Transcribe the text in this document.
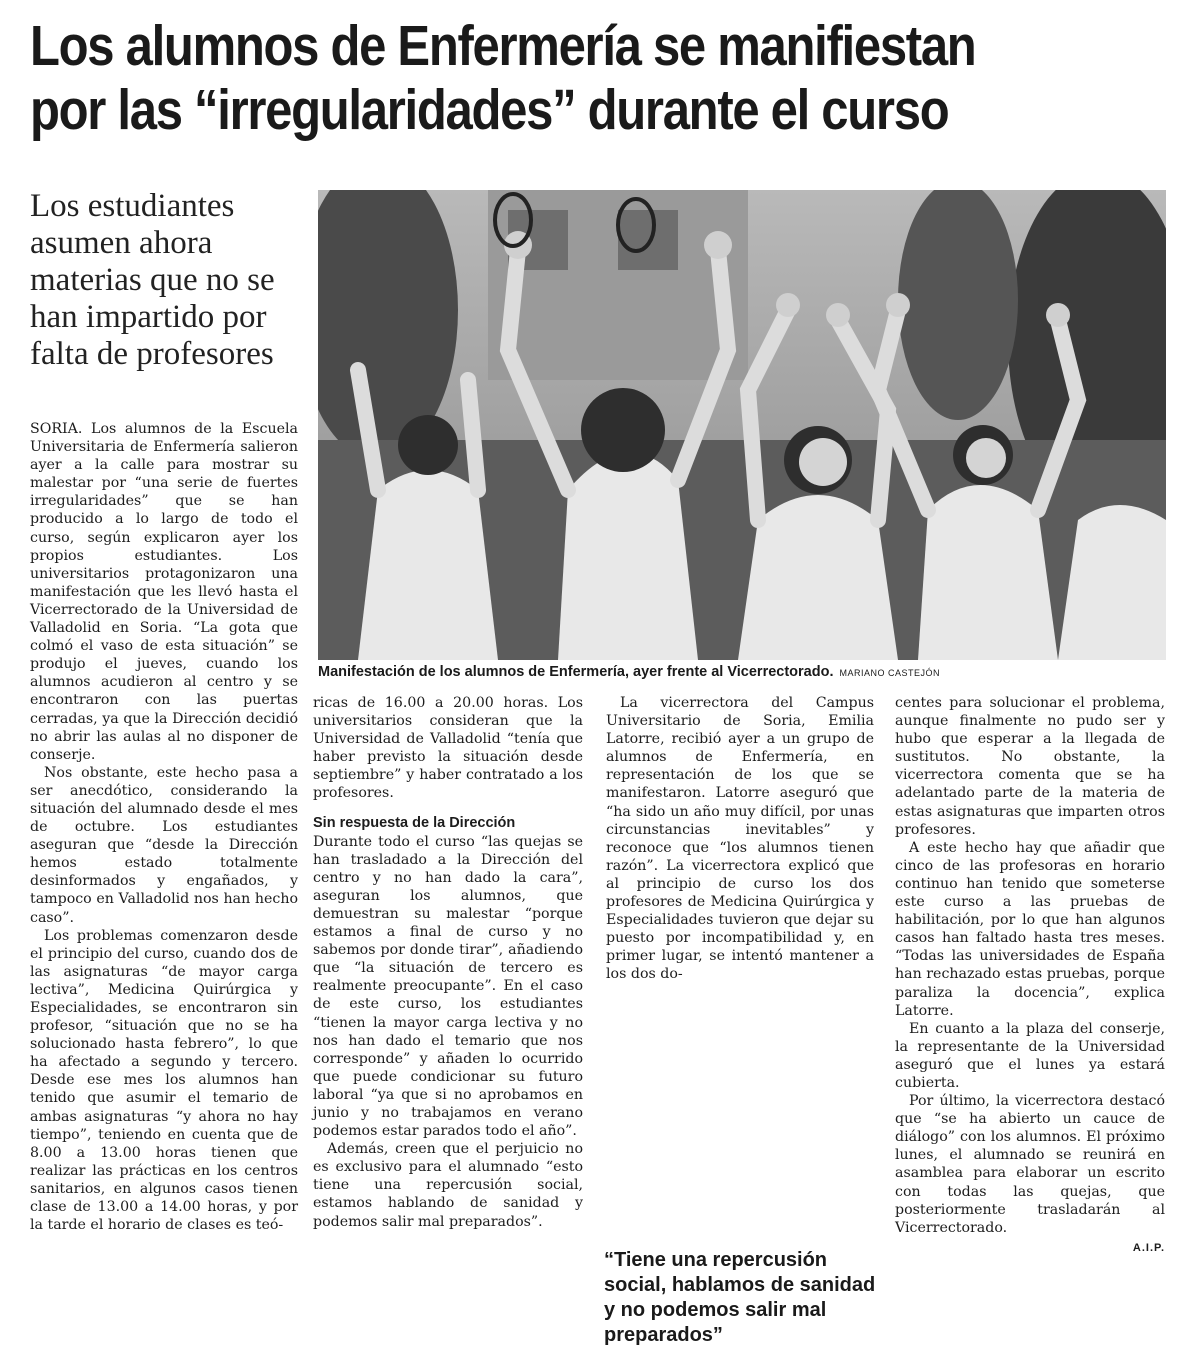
Los alumnos de Enfermería se manifiestan
por las “irregularidades” durante el curso
Los estudiantes asumen ahora materias que no se han impartido por falta de profesores
Manifestación de los alumnos de Enfermería, ayer frente al Vicerrectorado. MARIANO CASTEJÓN

SORIA. Los alumnos de la Escuela Universitaria de Enfermería salieron ayer a la calle para mostrar su malestar por “una serie de fuertes irregularidades” que se han producido a lo largo de todo el curso, según explicaron ayer los propios estudiantes. Los universitarios protagonizaron una manifestación que les llevó hasta el Vicerrectorado de la Universidad de Valladolid en Soria. “La gota que colmó el vaso de esta situación” se produjo el jueves, cuando los alumnos acudieron al centro y se encontraron con las puertas cerradas, ya que la Dirección decidió no abrir las aulas al no disponer de conserje.

Nos obstante, este hecho pasa a ser anecdótico, considerando la situación del alumnado desde el mes de octubre. Los estudiantes aseguran que “desde la Dirección hemos estado totalmente desinformados y engañados, y tampoco en Valladolid nos han hecho caso”.

Los problemas comenzaron desde el principio del curso, cuando dos de las asignaturas “de mayor carga lectiva”, Medicina Quirúrgica y Especialidades, se encontraron sin profesor, “situación que no se ha solucionado hasta febrero”, lo que ha afectado a segundo y tercero. Desde ese mes los alumnos han tenido que asumir el temario de ambas asignaturas “y ahora no hay tiempo”, teniendo en cuenta que de 8.00 a 13.00 horas tienen que realizar las prácticas en los centros sanitarios, en algunos casos tienen clase de 13.00 a 14.00 horas, y por la tarde el horario de clases es teó-

ricas de 16.00 a 20.00 horas. Los universitarios consideran que la Universidad de Valladolid “tenía que haber previsto la situación desde septiembre” y haber contratado a los profesores.

Sin respuesta de la Dirección

Durante todo el curso “las quejas se han trasladado a la Dirección del centro y no han dado la cara”, aseguran los alumnos, que demuestran su malestar “porque estamos a final de curso y no sabemos por donde tirar”, añadiendo que “la situación de tercero es realmente preocupante”. En el caso de este curso, los estudiantes “tienen la mayor carga lectiva y no nos han dado el temario que nos corresponde” y añaden lo ocurrido que puede condicionar su futuro laboral “ya que si no aprobamos en junio y no trabajamos en verano podemos estar parados todo el año”.

Además, creen que el perjuicio no es exclusivo para el alumnado “esto tiene una repercusión social, estamos hablando de sanidad y podemos salir mal preparados”.

La vicerrectora del Campus Universitario de Soria, Emilia Latorre, recibió ayer a un grupo de alumnos de Enfermería, en representación de los que se manifestaron. Latorre aseguró que “ha sido un año muy difícil, por unas circunstancias inevitables” y reconoce que “los alumnos tienen razón”. La vicerrectora explicó que al principio de curso los dos profesores de Medicina Quirúrgica y Especialidades tuvieron que dejar su puesto por incompatibilidad y, en primer lugar, se intentó mantener a los dos do-

“Tiene una repercusión social, hablamos de sanidad y no podemos salir mal preparados”

centes para solucionar el problema, aunque finalmente no pudo ser y hubo que esperar a la llegada de sustitutos. No obstante, la vicerrectora comenta que se ha adelantado parte de la materia de estas asignaturas que imparten otros profesores.

A este hecho hay que añadir que cinco de las profesoras en horario continuo han tenido que someterse este curso a las pruebas de habilitación, por lo que han algunos casos han faltado hasta tres meses. “Todas las universidades de España han rechazado estas pruebas, porque paraliza la docencia”, explica Latorre.

En cuanto a la plaza del conserje, la representante de la Universidad aseguró que el lunes ya estará cubierta.

Por último, la vicerrectora destacó que “se ha abierto un cauce de diálogo” con los alumnos. El próximo lunes, el alumnado se reunirá en asamblea para elaborar un escrito con todas las quejas, que posteriormente trasladarán al Vicerrectorado.

A.I.P.
